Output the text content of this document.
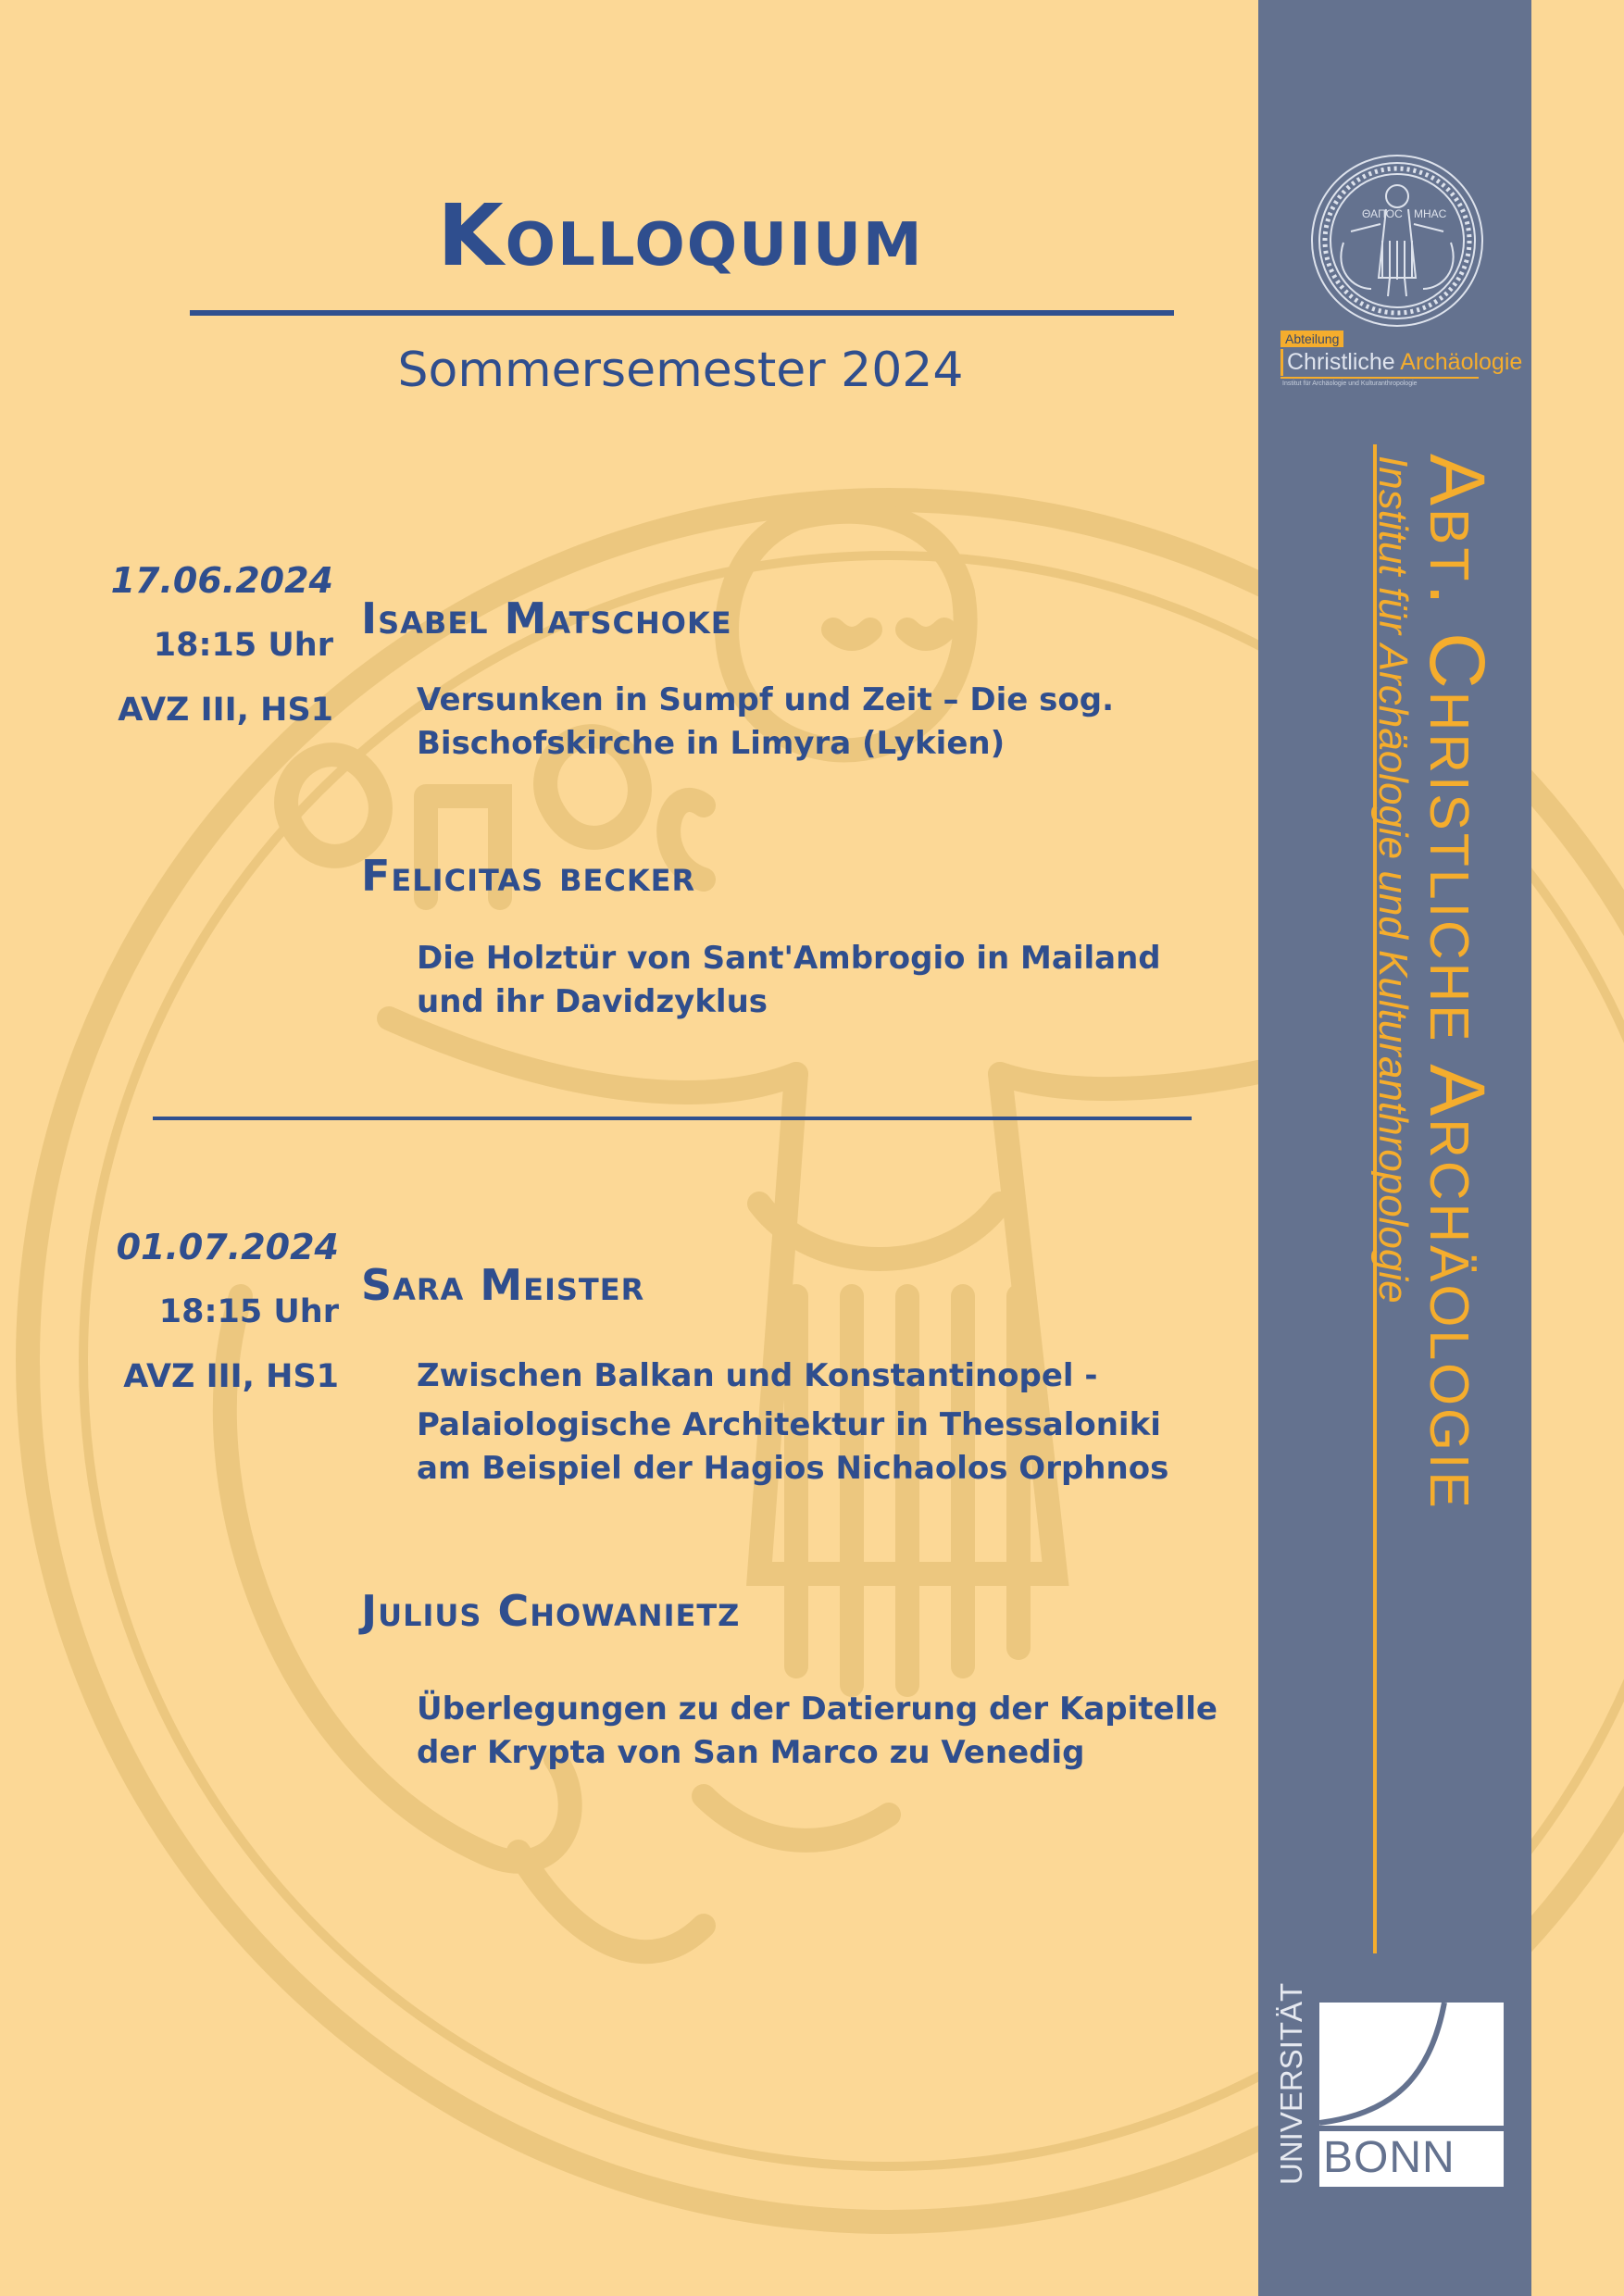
Kolloquium
Sommersemester 2024
17.06.2024
18:15 Uhr
AVZ III, HS1
Isabel Matschoke
Versunken in Sumpf und Zeit – Die sog.
Bischofskirche in Limyra (Lykien)
Felicitas becker
Die Holztür von Sant'Ambrogio in Mailand
und ihr Davidzyklus
01.07.2024
18:15 Uhr
AVZ III, HS1
Sara Meister
Zwischen Balkan und Konstantinopel -
Palaiologische Architektur in Thessaloniki
am Beispiel der Hagios Nichaolos Orphnos
Julius Chowanietz
Überlegungen zu der Datierung der Kapitelle
der Krypta von San Marco zu Venedig
ΘΑΠΟC MHAC
Abteilung
Christliche Archäologie
Institut für Archäologie und Kulturanthropologie
Abt. Christliche Archäologie
Institut für Archäologie und Kulturanthropologie
BONN
UNIVERSITÄT
